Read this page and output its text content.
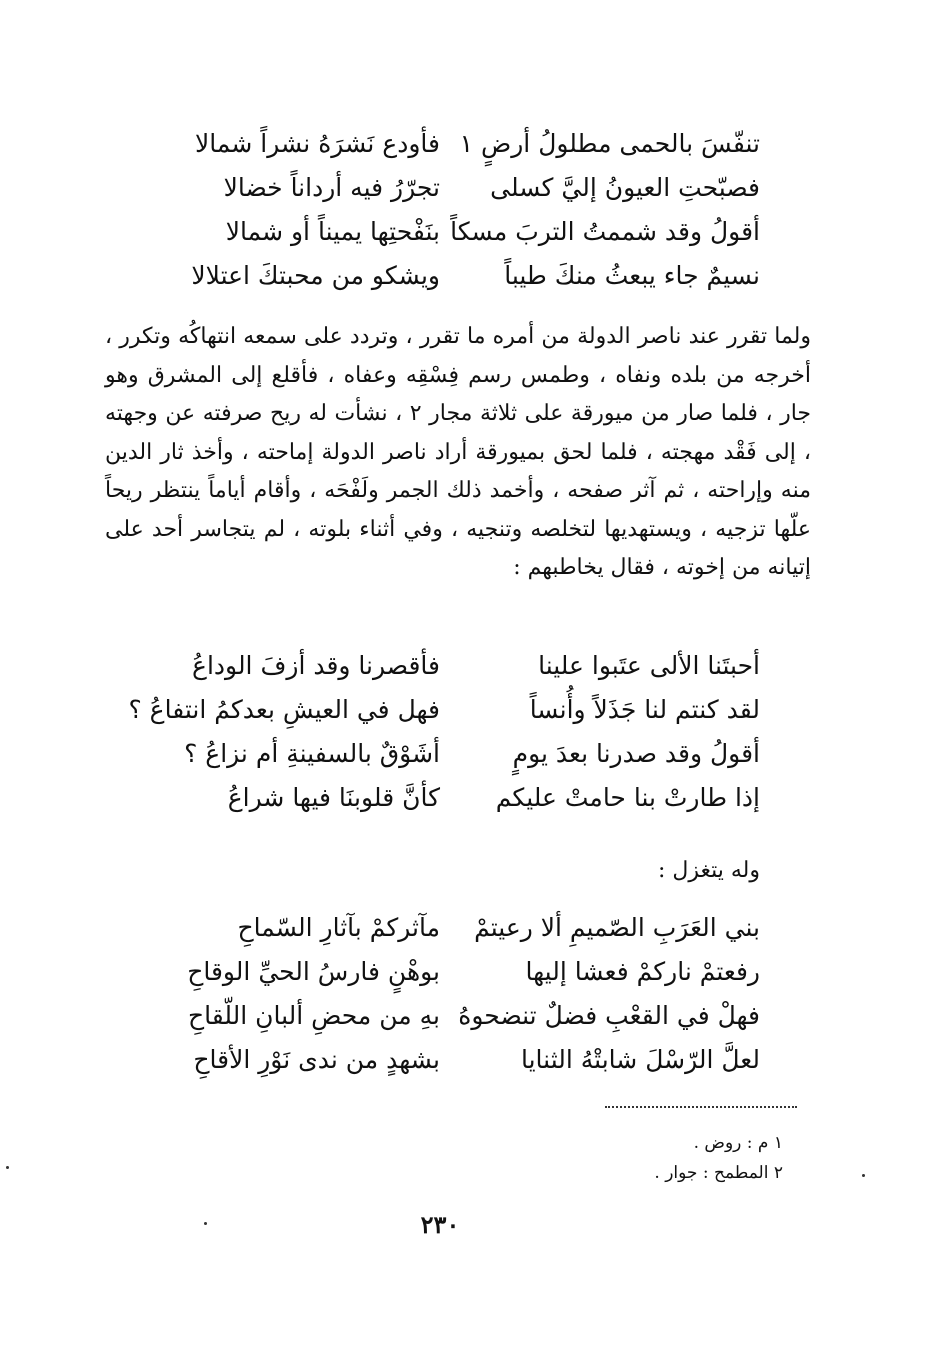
تنفّسَ بالحمى مطلولُ أرضٍ ١
فأودع نَشرَهُ نشراً شمالا
فصبّحتِ العيونُ إليَّ كسلى
تجرّرُ فيه أرداناً خضالا
أقولُ وقد شممتُ التربَ مسكاً
بنَفْحتِها يميناً أو شمالا
نسيمٌ جاء يبعثُ منكَ طيباً
ويشكو من محبتكَ اعتلالا
ولما تقرر عند ناصر الدولة من أمره ما تقرر ، وتردد على سمعه انتهاكُه وتكرر ، أخرجه من بلده ونفاه ، وطمس رسم فِسْقِه وعفاه ، فأقلع إلى المشرق وهو جار ، فلما صار من ميورقة على ثلاثة مجار ٢ ، نشأت له ريح صرفته عن وجهته ، إلى فَقْد مهجته ، فلما لحق بميورقة أراد ناصر الدولة إماحته ، وأخذ ثار الدين منه وإراحته ، ثم آثر صفحه ، وأخمد ذلك الجمر ولَفْحَه ، وأقام أياماً ينتظر ريحاً علّها تزجيه ، ويستهديها لتخلصه وتنجيه ، وفي أثناء بلوته ، لم يتجاسر أحد على إتيانه من إخوته ، فقال يخاطبهم :
أحبتَنا الألى عتَبوا علينا
فأقصرنا وقد أزفَ الوداعُ
لقد كنتم لنا جَذَلاً وأُنساً
فهل في العيشِ بعدكمُ انتفاعُ ؟
أقولُ وقد صدرنا بعدَ يومٍ
أشَوْقٌ بالسفينةِ أم نزاعُ ؟
إذا طارتْ بنا حامتْ عليكم
كأنَّ قلوبنَا فيها شراعُ
وله يتغزل :
بني العَرَبِ الصّميمِ ألا رعيتمْ
مآثركمْ بآثارِ السّماحِ
رفعتمْ ناركمْ فعشا إليها
بوهْنٍ فارسُ الحيِّ الوقاحِ
فهلْ في القعْبِ فضلٌ تنضحوهُ
بهِ من محضِ ألبانِ اللّقاحِ
لعلَّ الرّسْلَ شابتْهُ الثنايا
بشهدٍ من ندى نَوْرِ الأقاحِ
١ م : روض .
٢ المطمح : جوار .
٢٣٠
